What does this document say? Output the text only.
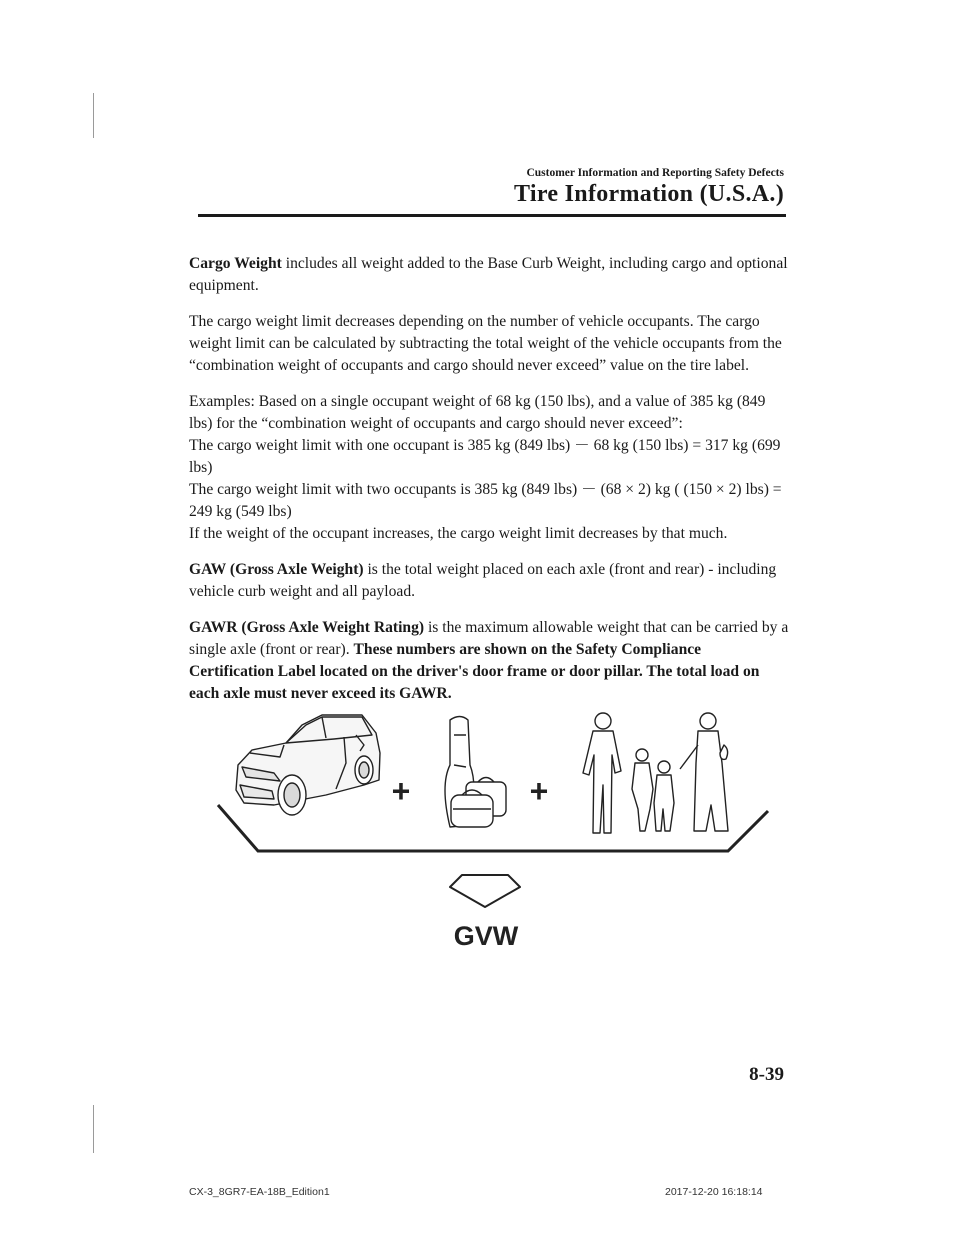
Customer Information and Reporting Safety Defects
Tire Information (U.S.A.)

Cargo Weight includes all weight added to the Base Curb Weight, including cargo and optional equipment.

The cargo weight limit decreases depending on the number of vehicle occupants. The cargo weight limit can be calculated by subtracting the total weight of the vehicle occupants from the “combination weight of occupants and cargo should never exceed” value on the tire label.

Examples: Based on a single occupant weight of 68 kg (150 lbs), and a value of 385 kg (849 lbs) for the “combination weight of occupants and cargo should never exceed”:
The cargo weight limit with one occupant is 385 kg (849 lbs) － 68 kg (150 lbs) = 317 kg (699 lbs)
The cargo weight limit with two occupants is 385 kg (849 lbs) － (68 × 2) kg ( (150 × 2) lbs) = 249 kg (549 lbs)
If the weight of the occupant increases, the cargo weight limit decreases by that much.

GAW (Gross Axle Weight) is the total weight placed on each axle (front and rear) - including vehicle curb weight and all payload.

GAWR (Gross Axle Weight Rating) is the maximum allowable weight that can be carried by a single axle (front or rear). These numbers are shown on the Safety Compliance Certification Label located on the driver's door frame or door pillar. The total load on each axle must never exceed its GAWR.

+	+
GVW
8-39
CX-3_8GR7-EA-18B_Edition1	2017-12-20 16:18:14
